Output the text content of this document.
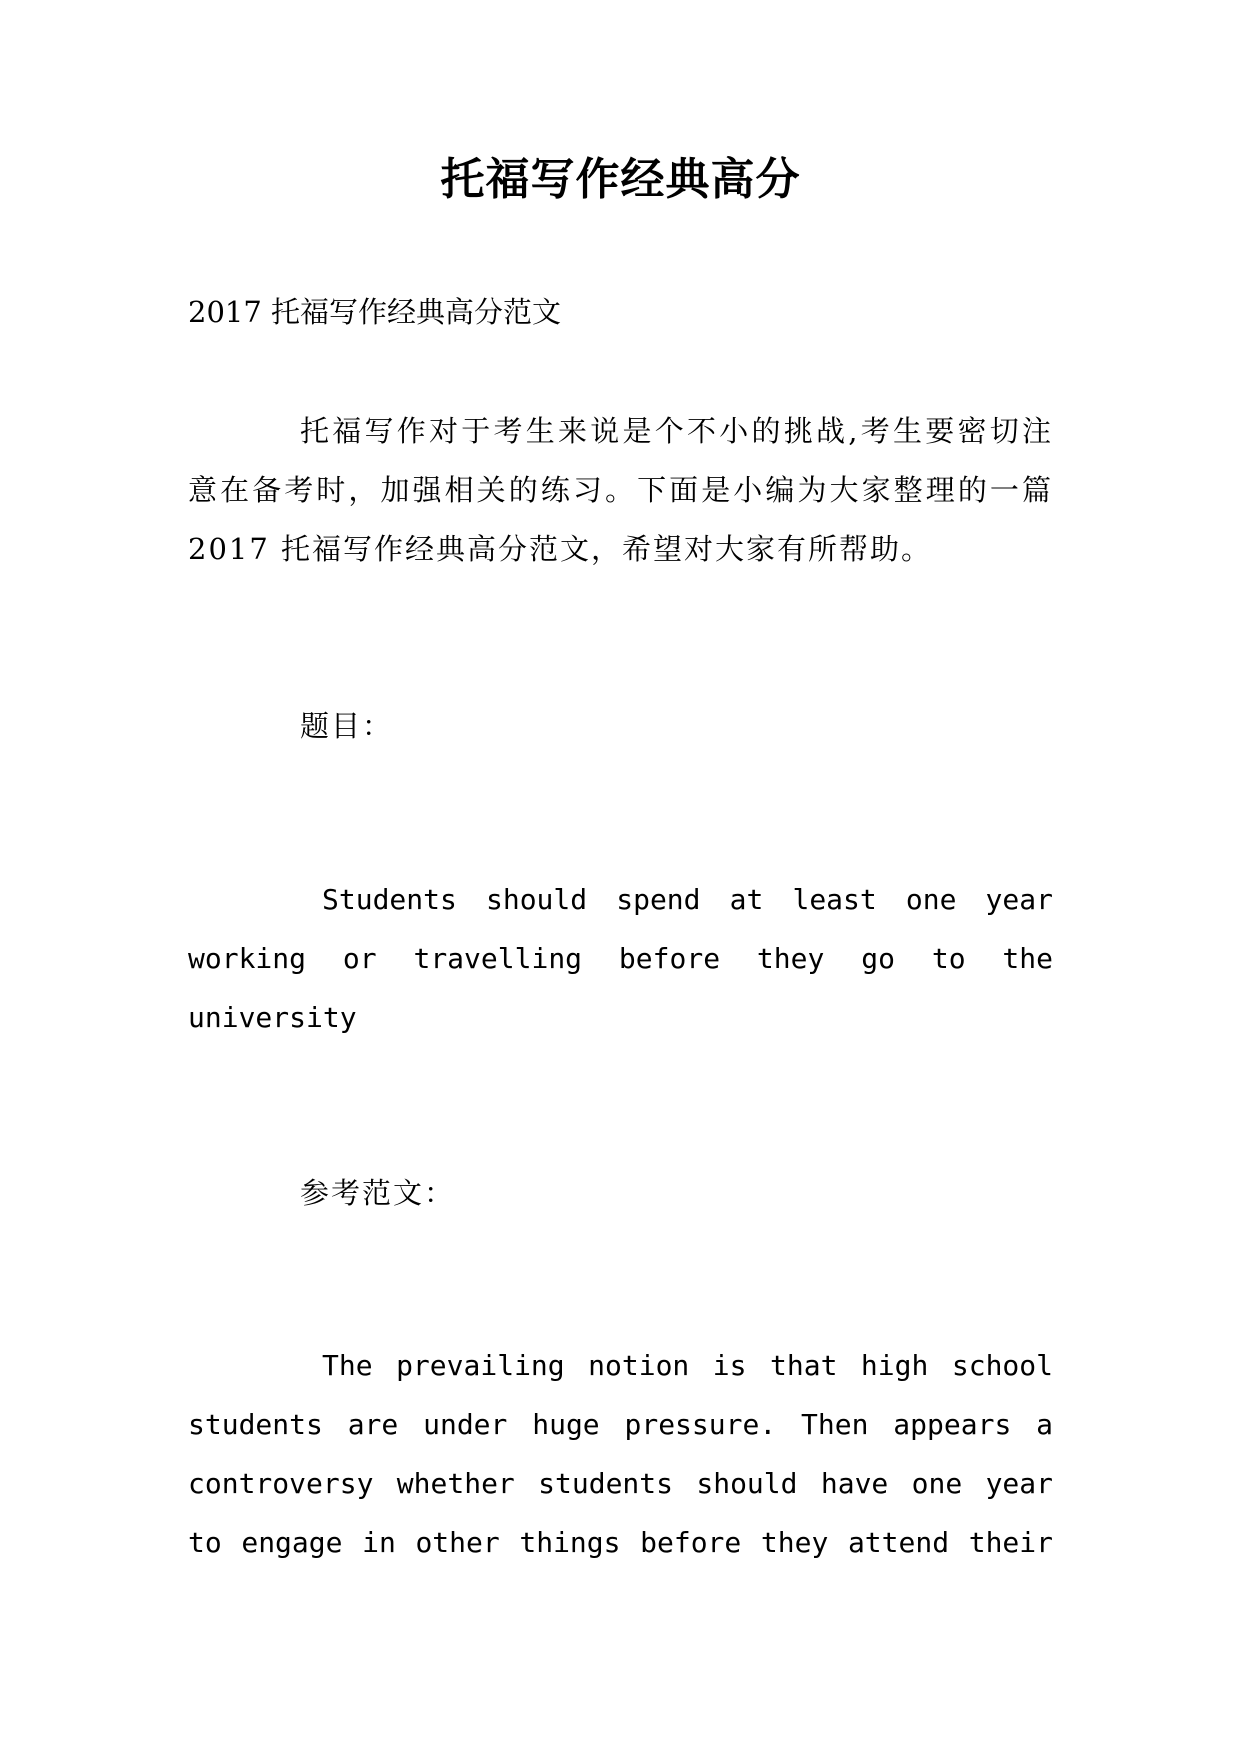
托福写作经典高分
2017 托福写作经典高分范文
托福写作对于考生来说是个不小的挑战,考生要密切注意在备考时，加强相关的练习。下面是小编为大家整理的一篇 2017 托福写作经典高分范文，希望对大家有所帮助。
题目：
Students should spend at least one year working or travelling before they go to the university
参考范文：
The prevailing notion is that high school students are under huge pressure. Then appears a controversy whether students should have one year to engage in other things before they attend their
